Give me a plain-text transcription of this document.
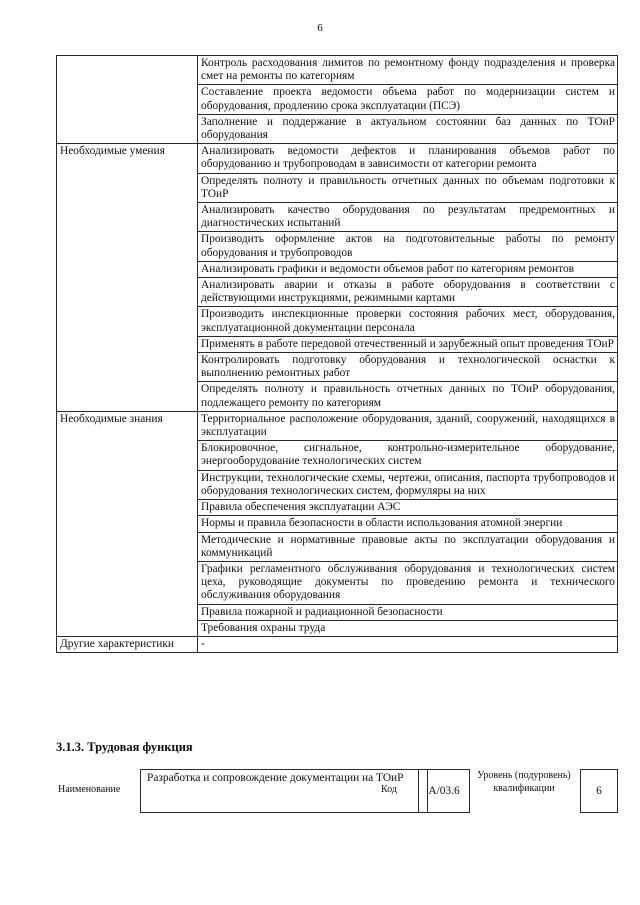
6
	Контроль расходования лимитов по ремонтному фонду подразделения и проверка смет на ремонты по категориям
	Составление проекта ведомости объема работ по модернизации систем и оборудования, продлению срока эксплуатации (ПСЭ)
	Заполнение и поддержание в актуальном состоянии баз данных по ТОиР оборудования
Необходимые умения	Анализировать ведомости дефектов и планирования объемов работ по оборудованию и трубопроводам в зависимости от категории ремонта
	Определять полноту и правильность отчетных данных по объемам подготовки к ТОиР
	Анализировать качество оборудования по результатам предремонтных и диагностических испытаний
	Производить оформление актов на подготовительные работы по ремонту оборудования и трубопроводов
	Анализировать графики и ведомости объемов работ по категориям ремонтов
	Анализировать аварии и отказы в работе оборудования в соответствии с действующими инструкциями, режимными картами
	Производить инспекционные проверки состояния рабочих мест, оборудования, эксплуатационной документации персонала
	Применять в работе передовой отечественный и зарубежный опыт проведения ТОиР
	Контролировать подготовку оборудования и технологической оснастки к выполнению ремонтных работ
	Определять полноту и правильность отчетных данных по ТОиР оборудования, подлежащего ремонту по категориям
Необходимые знания	Территориальное расположение оборудования, зданий, сооружений, находящихся в эксплуатации
	Блокировочное, сигнальное, контрольно-измерительное оборудование, энергооборудование технологических систем
	Инструкции, технологические схемы, чертежи, описания, паспорта трубопроводов и оборудования технологических систем, формуляры на них
	Правила обеспечения эксплуатации АЭС
	Нормы и правила безопасности в области использования атомной энергии
	Методические и нормативные правовые акты по эксплуатации оборудования и коммуникаций
	Графики регламентного обслуживания оборудования и технологических систем цеха, руководящие документы по проведению ремонта и технического обслуживания оборудования
	Правила пожарной и радиационной безопасности
	Требования охраны труда
Другие характеристики	-
3.1.3. Трудовая функция
Наименование
Разработка и сопровождение документации на ТОиР
Код	А/03.6
Уровень (подуровень) квалификации	6
